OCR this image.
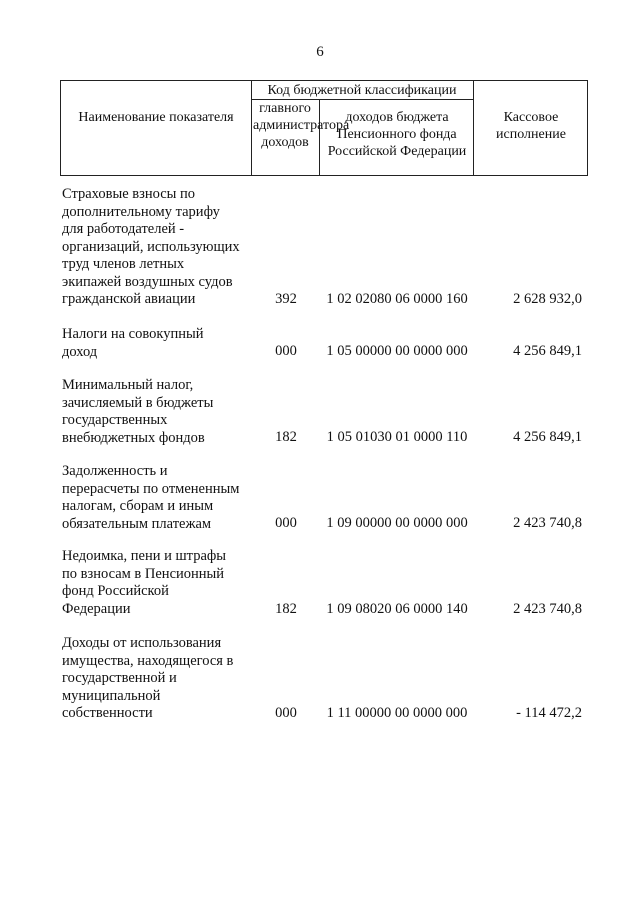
6
Наименование показателя
Код бюджетной классификации
главного администратора доходов
доходов бюджета Пенсионного фонда Российской Федерации
Кассовое исполнение
Страховые взносы по
дополнительному тарифу
для работодателей -
организаций, использующих
труд членов летных
экипажей воздушных судов
гражданской авиации	392	1 02 02080 06 0000 160	2 628 932,0
Налоги на совокупный
доход	000	1 05 00000 00 0000 000	4 256 849,1
Минимальный налог,
зачисляемый в бюджеты
государственных
внебюджетных фондов	182	1 05 01030 01 0000 110	4 256 849,1
Задолженность и
перерасчеты по отмененным
налогам, сборам и иным
обязательным платежам	000	1 09 00000 00 0000 000	2 423 740,8
Недоимка, пени и штрафы
по взносам в Пенсионный
фонд Российской
Федерации	182	1 09 08020 06 0000 140	2 423 740,8
Доходы от использования
имущества, находящегося в
государственной и
муниципальной
собственности	000	1 11 00000 00 0000 000	- 114 472,2
